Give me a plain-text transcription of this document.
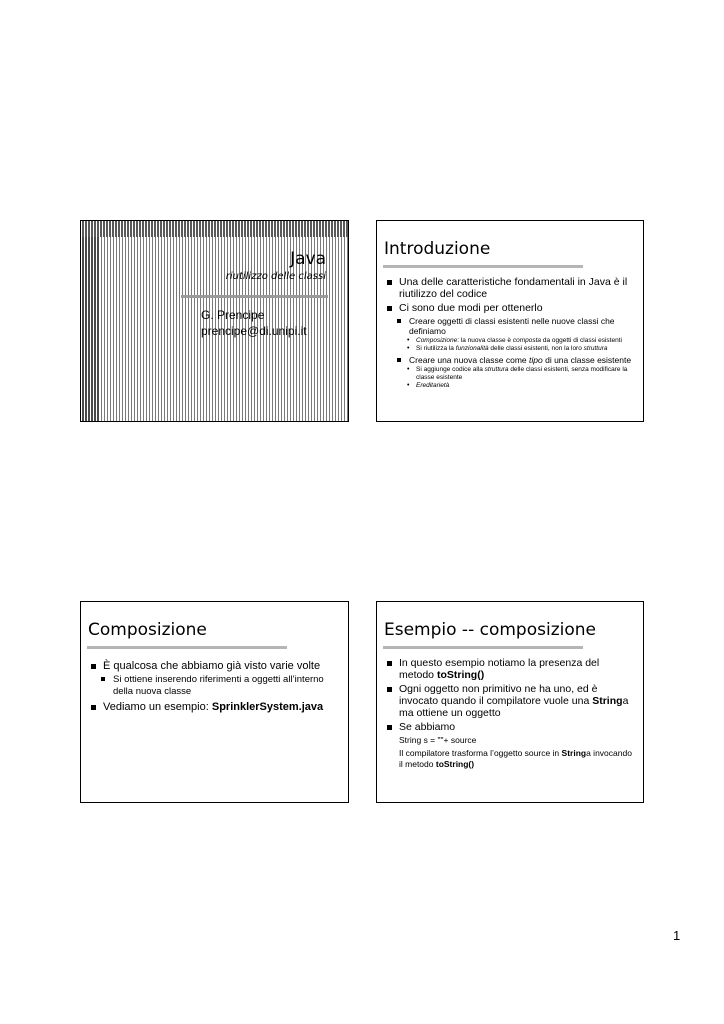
Java
riutilizzo delle classi
G. Prencipe
prencipe@di.unipi.it
Introduzione
Una delle caratteristiche fondamentali in Java è il riutilizzo del codice
Ci sono due modi per ottenerlo
Creare oggetti di classi esistenti nelle nuove classi che definiamo
• Composizione: la nuova classe è composta da oggetti di classi esistenti
• Si riutilizza la funzionalità delle classi esistenti, non la loro struttura
Creare una nuova classe come tipo di una classe esistente
• Si aggiunge codice alla struttura delle classi esistenti, senza modificare la classe esistente
• Ereditarietà
Composizione
È qualcosa che abbiamo già visto varie volte
Si ottiene inserendo riferimenti a oggetti all’interno della nuova classe
Vediamo un esempio: SprinklerSystem.java
Esempio -- composizione
In questo esempio notiamo la presenza del metodo toString()
Ogni oggetto non primitivo ne ha uno, ed è invocato quando il compilatore vuole una Stringa ma ottiene un oggetto
Se abbiamo
String s = ""+ source
Il compilatore trasforma l’oggetto source in Stringa invocando il metodo toString()
1
